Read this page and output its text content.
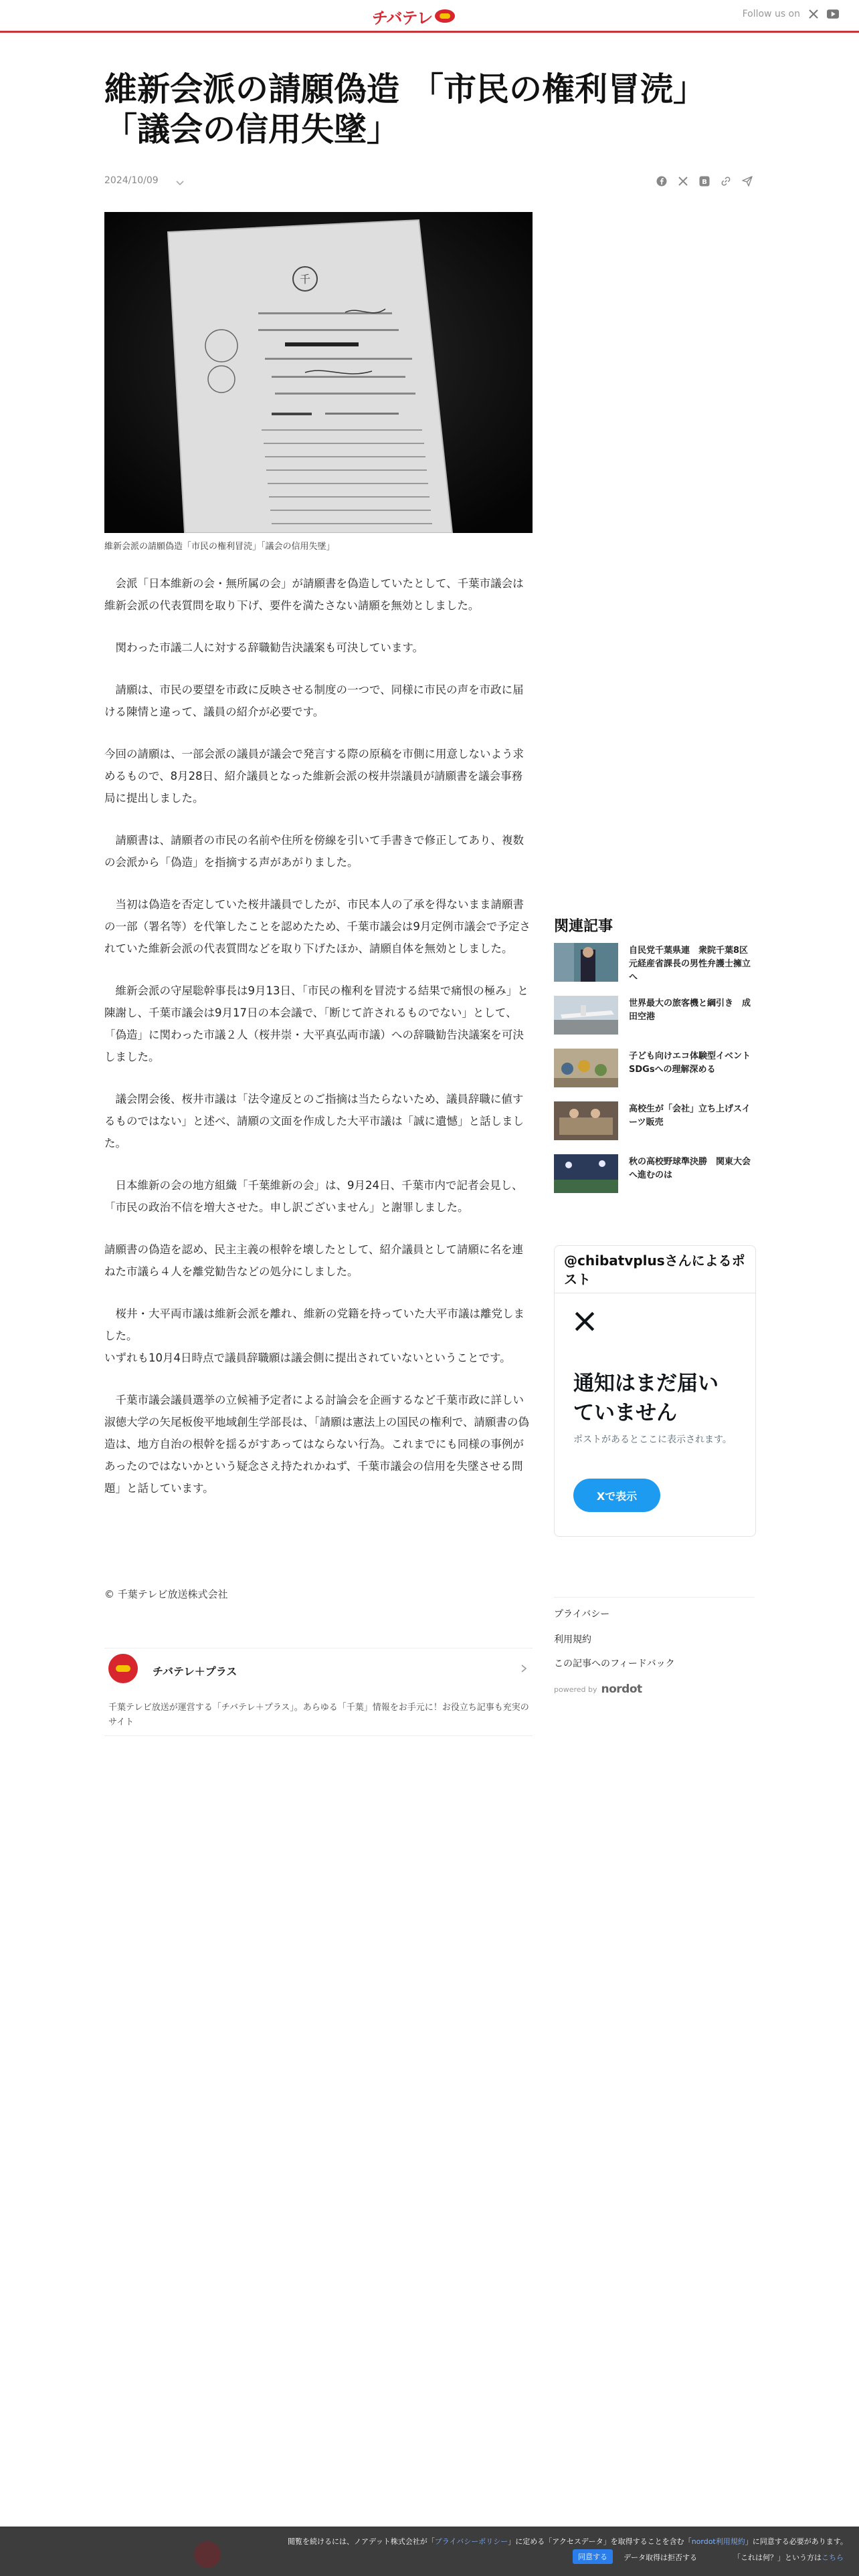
チバテレ	Follow us on
維新会派の請願偽造 「市民の権利冒涜」「議会の信用失墜」
2024/10/09	B
千
維新会派の請願偽造「市民の権利冒涜」「議会の信用失墜」

　会派「日本維新の会・無所属の会」が請願書を偽造していたとして、千葉市議会は維新会派の代表質問を取り下げ、要件を満たさない請願を無効としました。

　関わった市議二人に対する辞職勧告決議案も可決しています。

　請願は、市民の要望を市政に反映させる制度の一つで、同様に市民の声を市政に届ける陳情と違って、議員の紹介が必要です。

今回の請願は、一部会派の議員が議会で発言する際の原稿を市側に用意しないよう求めるもので、8月28日、紹介議員となった維新会派の桜井崇議員が請願書を議会事務局に提出しました。

　請願書は、請願者の市民の名前や住所を傍線を引いて手書きで修正してあり、複数の会派から「偽造」を指摘する声があがりました。

　当初は偽造を否定していた桜井議員でしたが、市民本人の了承を得ないまま請願書の一部（署名等）を代筆したことを認めたため、千葉市議会は9月定例市議会で予定されていた維新会派の代表質問などを取り下げたほか、請願自体を無効としました。

　維新会派の守屋聡幹事長は9月13日、「市民の権利を冒涜する結果で痛恨の極み」と陳謝し、千葉市議会は9月17日の本会議で、「断じて許されるものでない」として、「偽造」に関わった市議２人（桜井崇・大平真弘両市議）への辞職勧告決議案を可決しました。

　議会閉会後、桜井市議は「法令違反とのご指摘は当たらないため、議員辞職に値するものではない」と述べ、請願の文面を作成した大平市議は「誠に遺憾」と話しました。

　日本維新の会の地方組織「千葉維新の会」は、9月24日、千葉市内で記者会見し、「市民の政治不信を増大させた。申し訳ございません」と謝罪しました。

請願書の偽造を認め、民主主義の根幹を壊したとして、紹介議員として請願に名を連ねた市議ら４人を離党勧告などの処分にしました。

　桜井・大平両市議は維新会派を離れ、維新の党籍を持っていた大平市議は離党しました。
いずれも10月4日時点で議員辞職願は議会側に提出されていないということです。

　千葉市議会議員選挙の立候補予定者による討論会を企画するなど千葉市政に詳しい淑徳大学の矢尾板俊平地域創生学部長は、「請願は憲法上の国民の権利で、請願書の偽造は、地方自治の根幹を揺るがすあってはならない行為。これまでにも同様の事例があったのではないかという疑念さえ持たれかねず、千葉市議会の信用を失墜させる問題」と話しています。

© 千葉テレビ放送株式会社
チバテレ＋プラス
千葉テレビ放送が運営する「チバテレ＋プラス」。あらゆる「千葉」情報をお手元に！お役立ち記事も充実のサイト
関連記事
自民党千葉県連　衆院千葉8区 元経産省課長の男性弁護士擁立へ
世界最大の旅客機と綱引き　成田空港
子ども向けエコ体験型イベント　SDGsへの理解深める
高校生が「会社」立ち上げスイーツ販売
秋の高校野球準決勝　関東大会へ進むのは
@chibatvplusさんによるポスト
通知はまだ届いていません
ポストがあるとここに表示されます。
Xで表示
プライバシー
利用規約
この記事へのフィードバック
powered by nordot
閲覧を続けるには、ノアデット株式会社が「プライバシーポリシー」に定める「アクセスデータ」を取得することを含む「nordot利用規約」に同意する必要があります。
同意する	データ取得は拒否する	「これは何？」という方はこちら
